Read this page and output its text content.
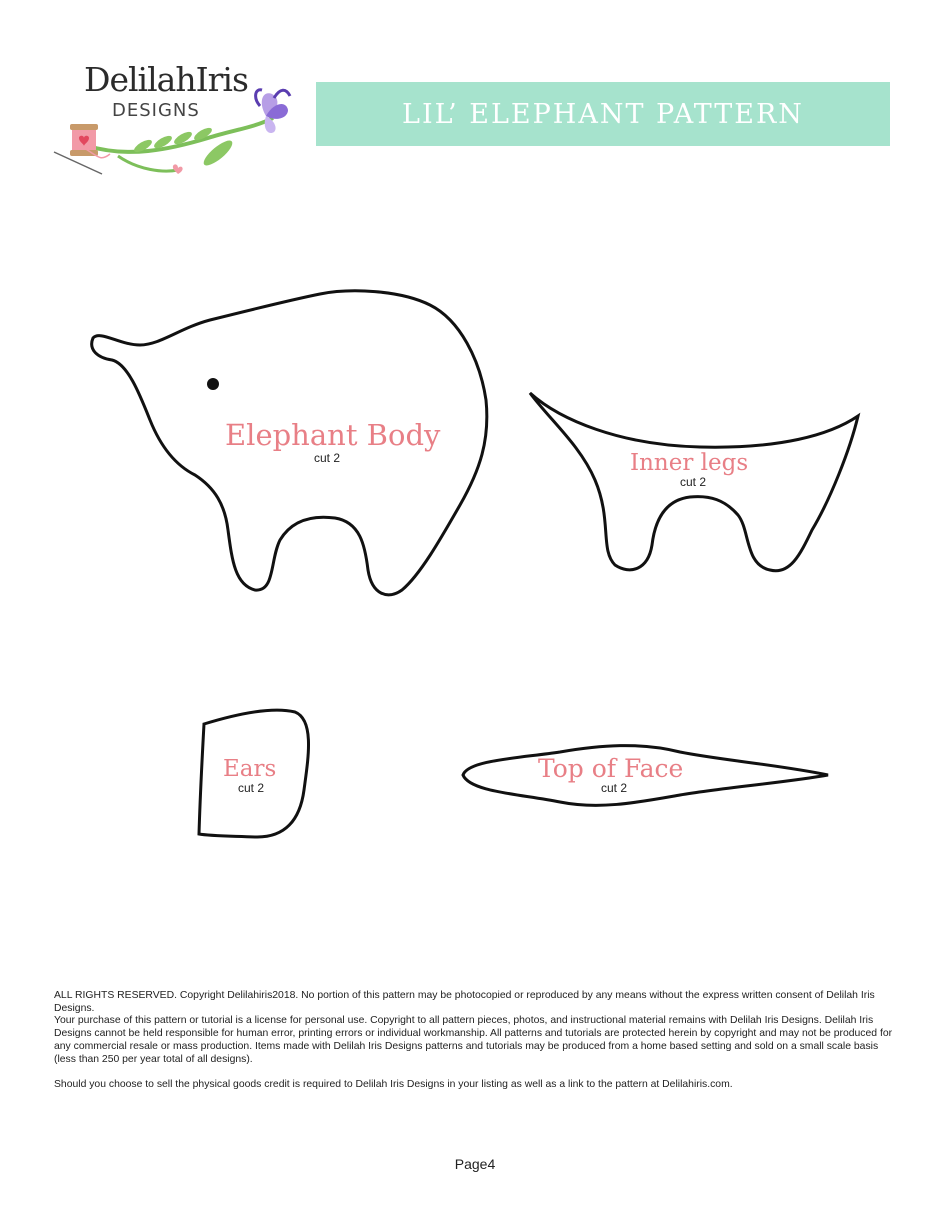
DelilahIris
DESIGNS	LIL’ ELEPHANT PATTERN
Elephant Body
cut 2	Inner legs
cut 2
Ears
cut 2
Top of Face
cut 2

ALL RIGHTS RESERVED. Copyright Delilahiris2018. No portion of this pattern may be photocopied or reproduced by any means without the express written consent of Delilah Iris Designs.

Your purchase of this pattern or tutorial is a license for personal use. Copyright to all pattern pieces, photos, and instructional material remains with Delilah Iris Designs. Delilah Iris Designs cannot be held responsible for human error, printing errors or individual workmanship. All patterns and tutorials are protected herein by copyright and may not be produced for any commercial resale or mass production. Items made with Delilah Iris Designs patterns and tutorials may be produced from a home based setting and sold on a small scale basis (less than 250 per year total of all designs).

Should you choose to sell the physical goods credit is required to Delilah Iris Designs in your listing as well as a link to the pattern at Delilahiris.com.

Page4
